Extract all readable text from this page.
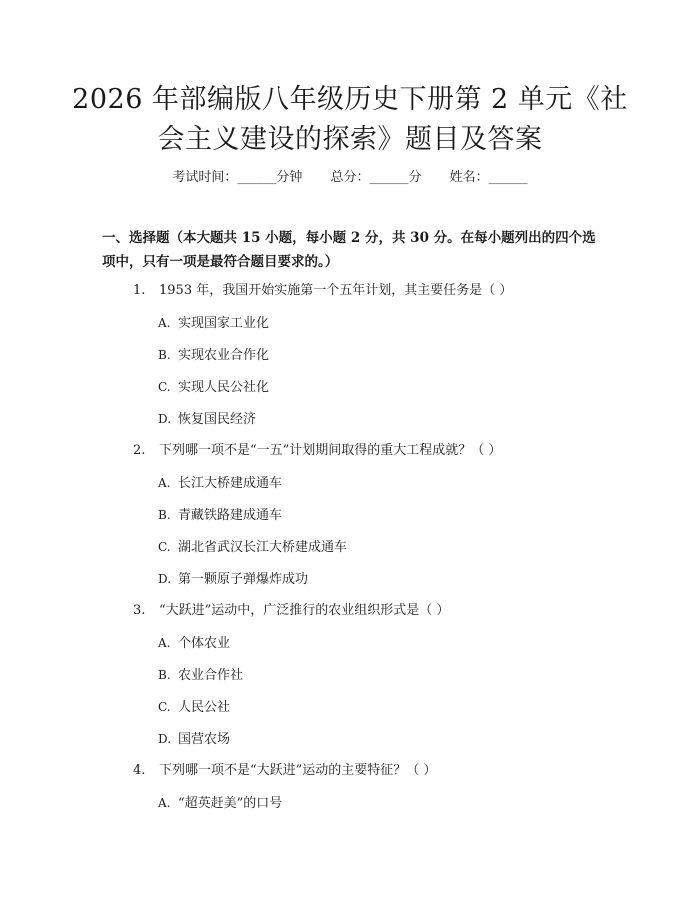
2026 年部编版八年级历史下册第 2 单元《社
会主义建设的探索》题目及答案
考试时间：______分钟 总分：______分 姓名：______
一、选择题（本大题共 15 小题，每小题 2 分，共 30 分。在每小题列出的四个选
项中，只有一项是最符合题目要求的。）
1. 1953 年，我国开始实施第一个五年计划，其主要任务是（ ）
A. 实现国家工业化
B. 实现农业合作化
C. 实现人民公社化
D. 恢复国民经济
2. 下列哪一项不是“一五”计划期间取得的重大工程成就？（ ）
A. 长江大桥建成通车
B. 青藏铁路建成通车
C. 湖北省武汉长江大桥建成通车
D. 第一颗原子弹爆炸成功
3. “大跃进”运动中，广泛推行的农业组织形式是（ ）
A. 个体农业
B. 农业合作社
C. 人民公社
D. 国营农场
4. 下列哪一项不是“大跃进”运动的主要特征？（ ）
A. “超英赶美”的口号
